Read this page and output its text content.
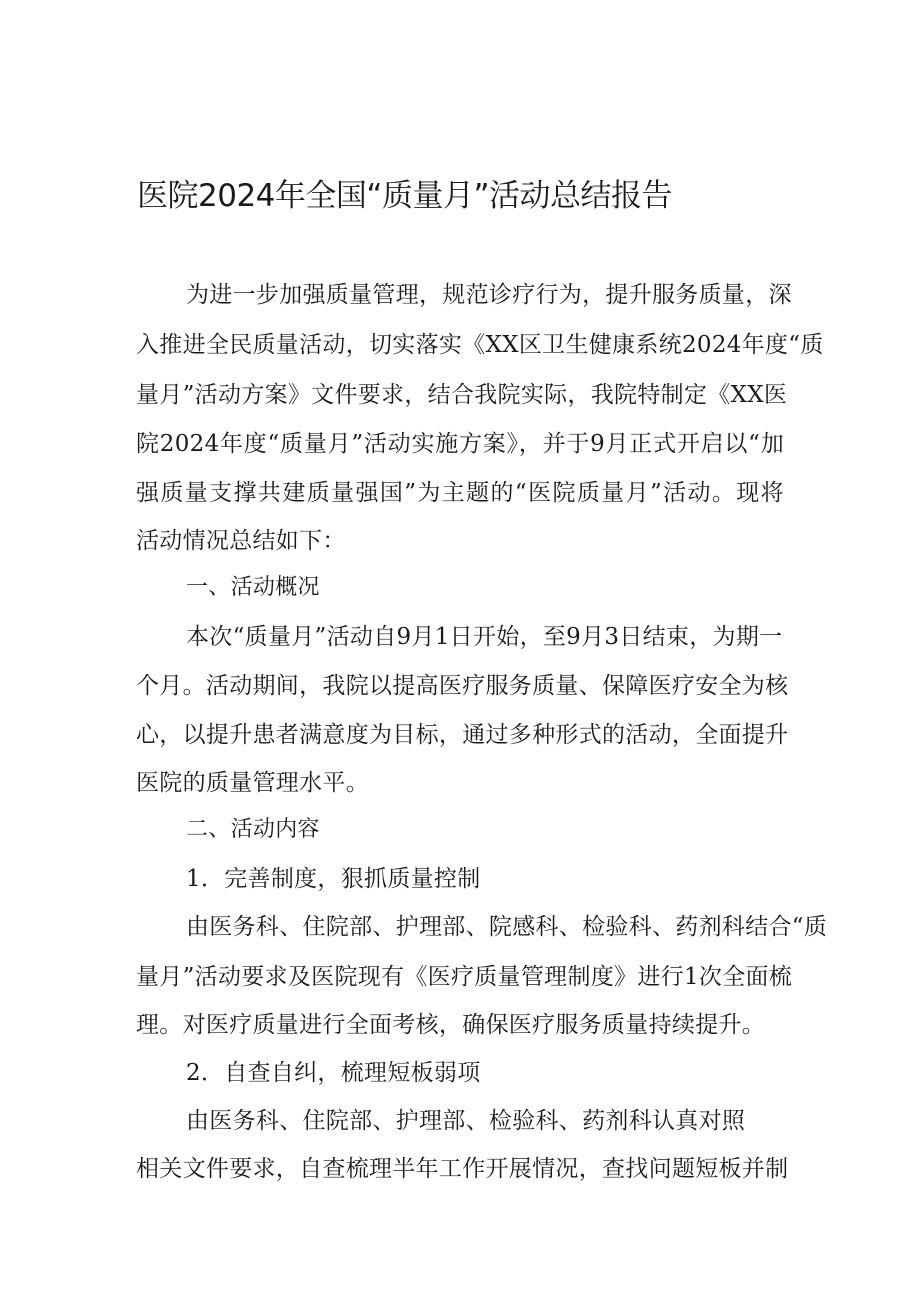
医院2024年全国“质量月”活动总结报告
为进一步加强质量管理，规范诊疗行为，提升服务质量，深
入推进全民质量活动，切实落实《XX区卫生健康系统2024年度“质
量月”活动方案》文件要求，结合我院实际，我院特制定《XX医
院2024年度“质量月”活动实施方案》，并于9月正式开启以“加
强质量支撑共建质量强国”为主题的“医院质量月”活动。现将
活动情况总结如下：
一、活动概况
本次“质量月”活动自9月1日开始，至9月3日结束，为期一
个月。活动期间，我院以提高医疗服务质量、保障医疗安全为核
心，以提升患者满意度为目标，通过多种形式的活动，全面提升
医院的质量管理水平。
二、活动内容
1．完善制度，狠抓质量控制
由医务科、住院部、护理部、院感科、检验科、药剂科结合“质
量月”活动要求及医院现有《医疗质量管理制度》进行1次全面梳
理。对医疗质量进行全面考核，确保医疗服务质量持续提升。
2．自查自纠，梳理短板弱项
由医务科、住院部、护理部、检验科、药剂科认真对照
相关文件要求，自查梳理半年工作开展情况，查找问题短板并制
